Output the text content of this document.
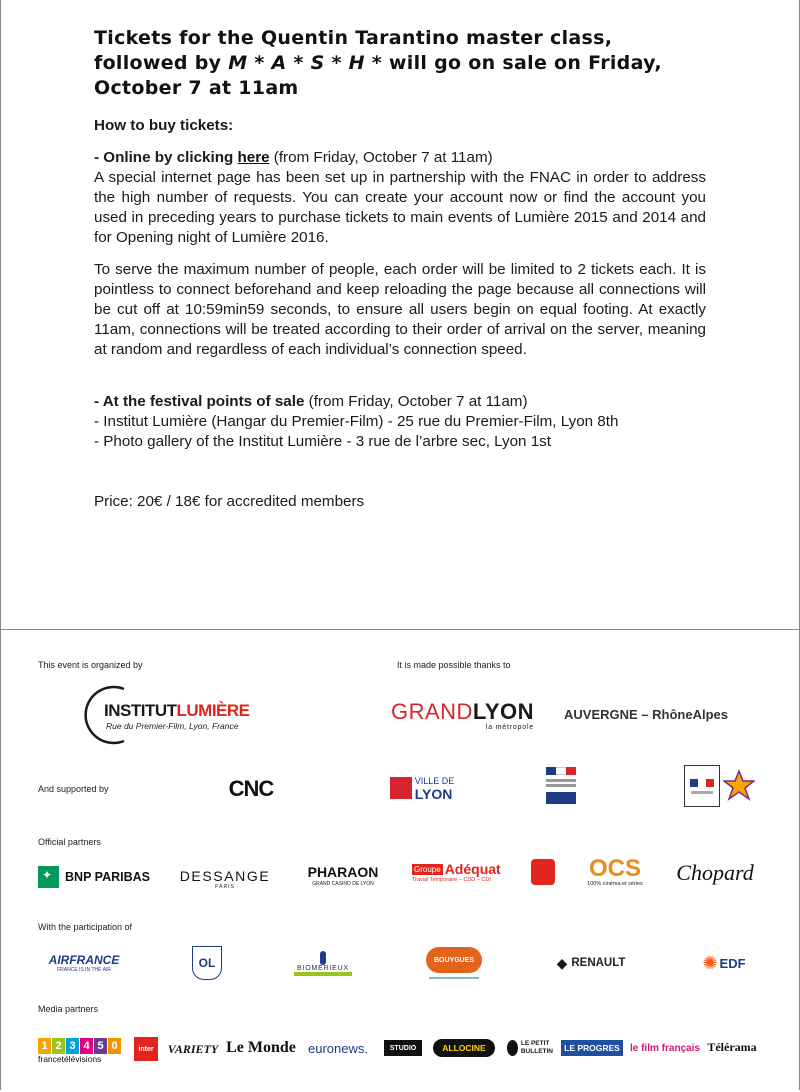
Tickets for the Quentin Tarantino master class, followed by M * A * S * H * will go on sale on Friday, October 7 at 11am

How to buy tickets:

- Online by clicking here (from Friday, October 7 at 11am)

A special internet page has been set up in partnership with the FNAC in order to address the high number of requests. You can create your account now or find the account you used in preceding years to purchase tickets to main events of Lumière 2015 and 2014 and for Opening night of Lumière 2016.

To serve the maximum number of people, each order will be limited to 2 tickets each. It is pointless to connect beforehand and keep reloading the page because all connections will be cut off at 10:59min59 seconds, to ensure all users begin on equal footing. At exactly 11am, connections will be treated according to their order of arrival on the server, meaning at random and regardless of each individual’s connection speed.

- At the festival points of sale (from Friday, October 7 at 11am)

- Institut Lumière (Hangar du Premier-Film) - 25 rue du Premier-Film, Lyon 8th

- Photo gallery of the Institut Lumière - 3 rue de l’arbre sec, Lyon 1st

Price: 20€ / 18€ for accredited members

This event is organized by	It is made possible thanks to
And supported by
Official partners
With the participation of
Media partners
INSTITUTLUMIÈRE
Rue du Premier-Film, Lyon, France
GRANDLYON
la métropole
AUVERGNE – RhôneAlpes
CNC	VILLE DE
LYON
✦ BNP PARIBAS DESSANGE
PARIS
PHARAON
GRAND CASINO DE LYON
Groupe Adéquat
Travail Temporaire – CDD – CDI	OCS
100% cinéma et séries Chopard
AIRFRANCE
FRANCE IS IN THE AIR	OL	BIOMÉRIEUX
BOUYGUES	◆ RENAULT	✺ EDF
1 2 3 4 5 0
francetélévisions
inter	VARIETY Le Monde euronews.	STUDIO	ALLOCINE	LE PETIT
BULLETIN	LE PROGRES	le film français Télérama
